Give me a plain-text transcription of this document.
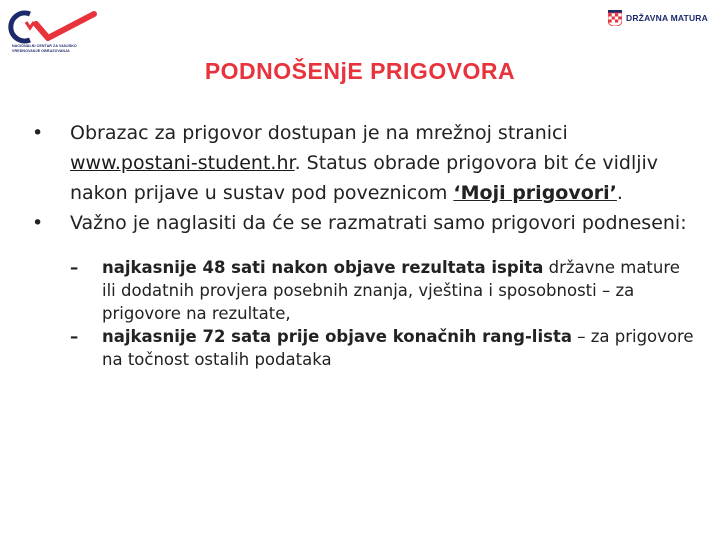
NACIONALNI CENTAR ZA VANJSKO
VREDNOVANJE OBRAZOVANJA
DRŽAVNA MATURA
PODNOŠENjE PRIGOVORA
•	Obrazac za prigovor dostupan je na mrežnoj stranici www.postani-student.hr. Status obrade prigovora bit će vidljiv nakon prijave u sustav pod poveznicom ‘Moji prigovori’.
•	Važno je naglasiti da će se razmatrati samo prigovori podneseni:
–	najkasnije 48 sati nakon objave rezultata ispita državne mature ili dodatnih provjera posebnih znanja, vještina i sposobnosti – za prigovore na rezultate,
–	najkasnije 72 sata prije objave konačnih rang-lista – za prigovore na točnost ostalih podataka
